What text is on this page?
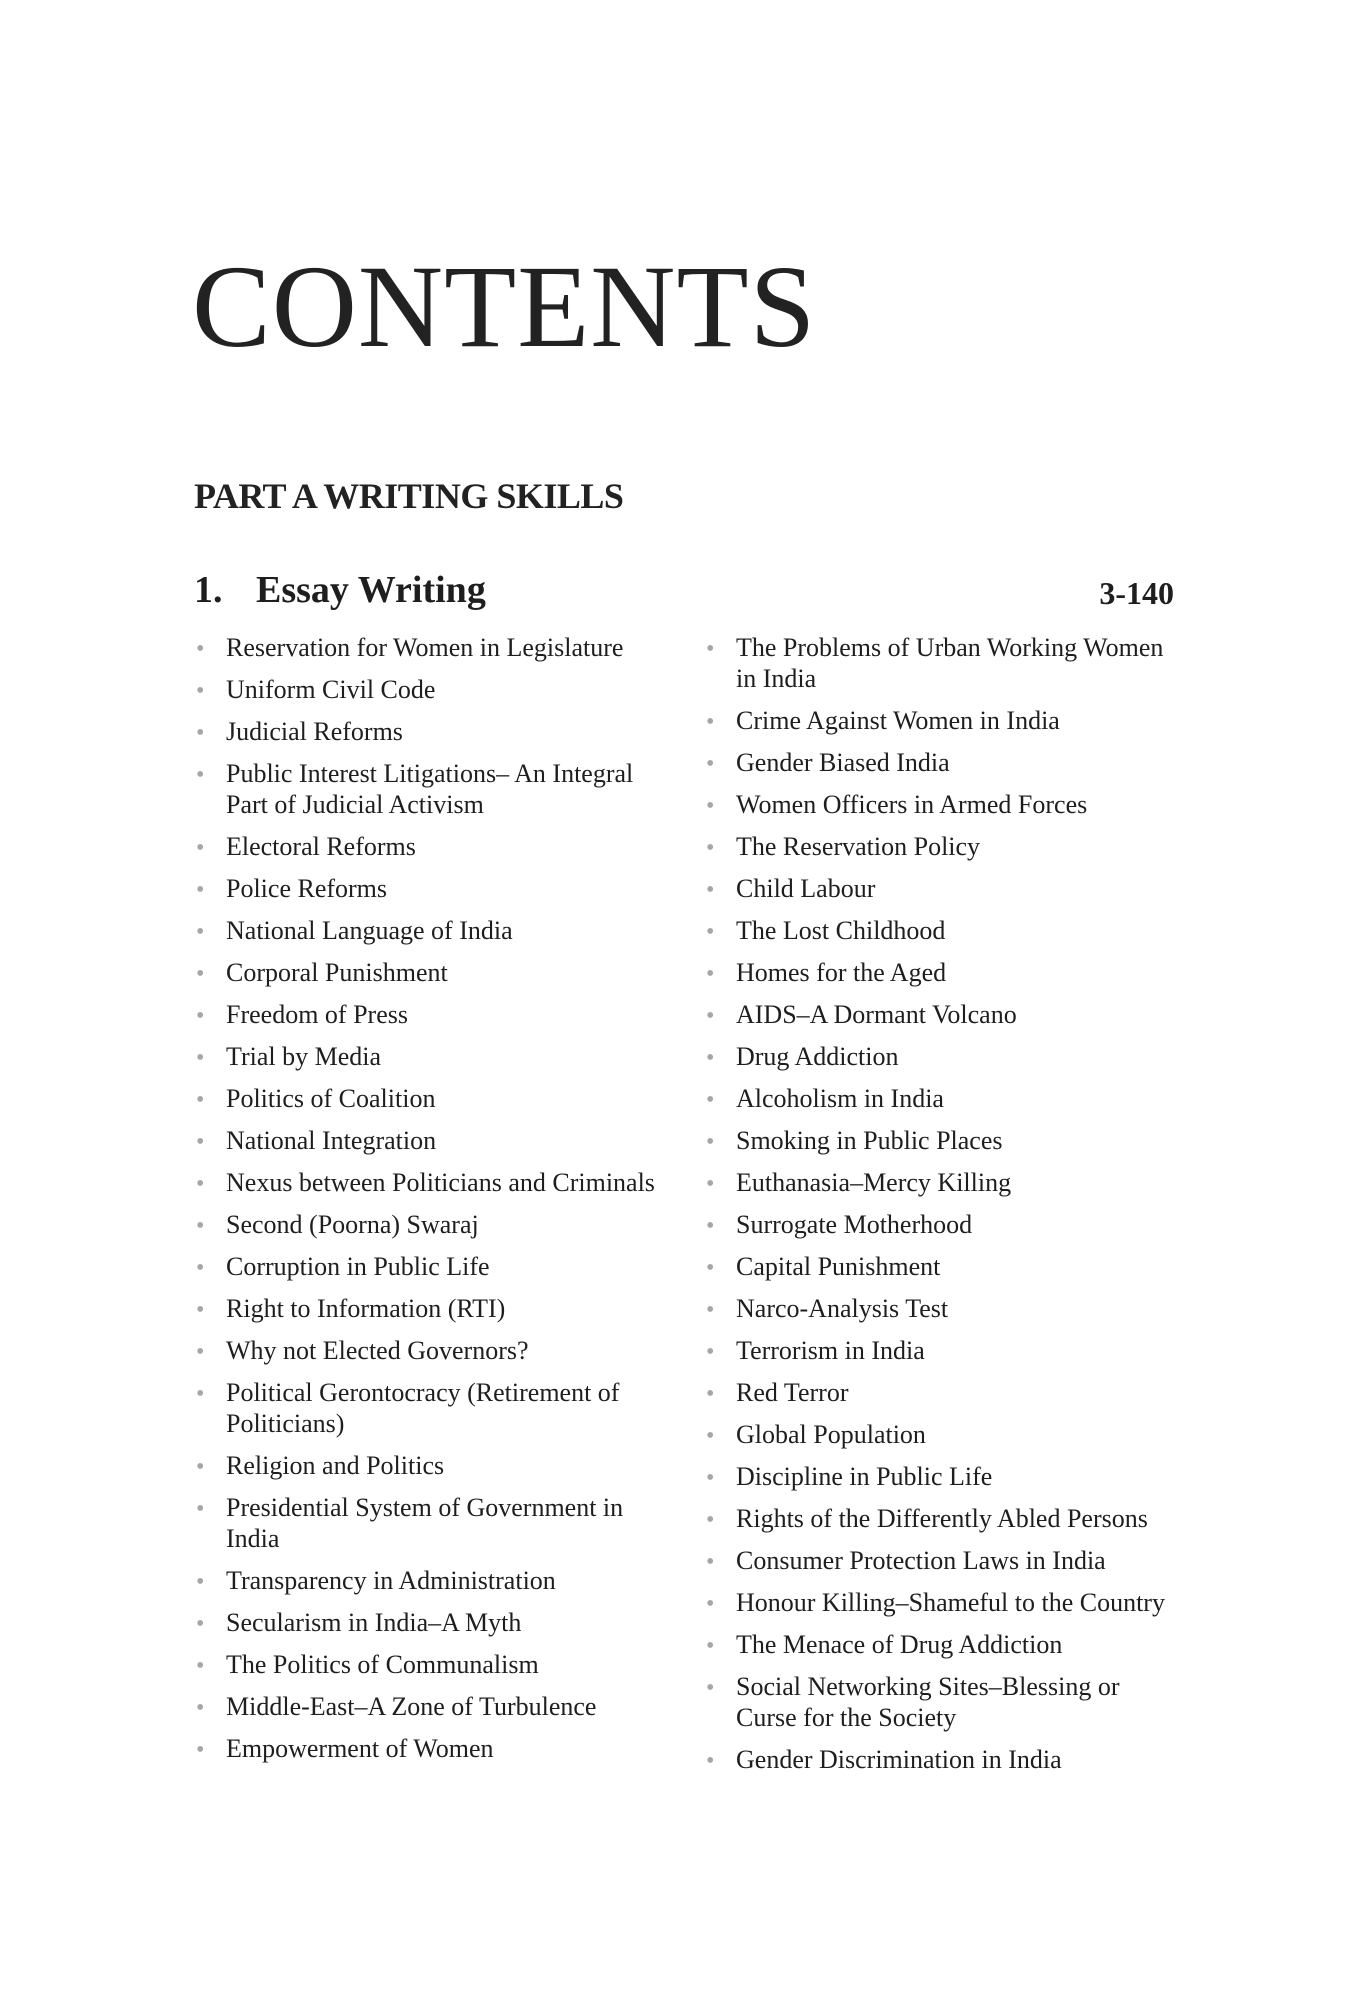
CONTENTS
PART A WRITING SKILLS
1. Essay Writing	3-140
• Reservation for Women in Legislature
• Uniform Civil Code
• Judicial Reforms
• Public Interest Litigations– An Integral Part of Judicial Activism
• Electoral Reforms
• Police Reforms
• National Language of India
• Corporal Punishment
• Freedom of Press
• Trial by Media
• Politics of Coalition
• National Integration
• Nexus between Politicians and Criminals
• Second (Poorna) Swaraj
• Corruption in Public Life
• Right to Information (RTI)
• Why not Elected Governors?
• Political Gerontocracy (Retirement of Politicians)
• Religion and Politics
• Presidential System of Government in India
• Transparency in Administration
• Secularism in India–A Myth
• The Politics of Communalism
• Middle-East–A Zone of Turbulence
• Empowerment of Women
• The Problems of Urban Working Women in India
• Crime Against Women in India
• Gender Biased India
• Women Officers in Armed Forces
• The Reservation Policy
• Child Labour
• The Lost Childhood
• Homes for the Aged
• AIDS–A Dormant Volcano
• Drug Addiction
• Alcoholism in India
• Smoking in Public Places
• Euthanasia–Mercy Killing
• Surrogate Motherhood
• Capital Punishment
• Narco-Analysis Test
• Terrorism in India
• Red Terror
• Global Population
• Discipline in Public Life
• Rights of the Differently Abled Persons
• Consumer Protection Laws in India
• Honour Killing–Shameful to the Country
• The Menace of Drug Addiction
• Social Networking Sites–Blessing or Curse for the Society
• Gender Discrimination in India
